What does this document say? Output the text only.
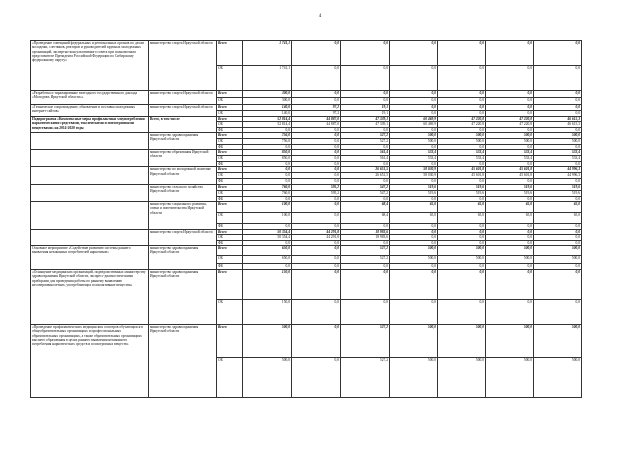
4
«Проведение совещаний федеральных и региональных органов по делам молодежи, слетчиков, ректоров и руководителей крупных молодежных организаций, экспертно-консультативного совета при полномочном представителе Президента Российской Федерации по Сибирскому федеральному округу»	министерство спорта Иркутской области	Всего	1 741,1	0,0	0,0	0,0	0,0	0,0	0,0
		ОБ	1 741,1	0,0	0,0	0,0	0,0	0,0	0,0
«Разработка и тиражирование ежегодного государственного доклада «Молодежь Иркутской области»»	министерство спорта Иркутской области	Всего	300,0	0,0	0,0	0,0	0,0	0,0	0,0
		ОБ	300,0	0,0	0,0	0,0	0,0	0,0	0,0
«Техническое сопровождение, обновление и поставка молодежных интернет-сайтов»	министерство спорта Иркутской области	Всего	140,0	97,2	19,1	0,0	0,0	0,0	0,0
		ОБ	140,0	97,2	19,1	0,0	0,0	0,0	0,0
Подпрограмма «Комплексные меры профилактики злоупотребления наркотическими средствами, токсическими и психотропными веществами» на 2014-2020 годы	Всего, в том числе	Всего	52 814,4	44 887,0	47 339,1	60 469,9	47 220,8	47 220,8	46 615,3
		ОБ	52 814,4	44 887,0	47 339,1	60 469,9	47 220,8	47 220,8	46 615,3
		ФБ	0,0	0,0	0,0	0,0	0,0	0,0	0,0
	министерство здравоохранения Иркутской области	Всего	756,0	0,0	527,2	500,0	500,0	500,0	500,0
		ОБ	756,0	0,0	527,2	500,0	500,0	500,0	500,0
		ФБ	0,0	0,0	0,0	0,0	0,0	0,0	0,0
	министерство образования Иркутской области	Всего	850,0	0,0	561,4	533,4	533,4	533,4	533,4
		ОБ	850,0	0,0	561,4	533,4	533,4	533,4	533,4
		ФБ	0,0	0,0	0,0	0,0	0,0	0,0	0,0
	министерство по молодежной политике Иркутской области	Всего	0,0	0,0	26 651,5	58 030,9	45 601,8	45 601,8	44 996,3
		ОБ	0,0	0,0	26 651,5	58 030,9	45 601,8	45 601,8	44 996,3
		ФБ	0,0	0,0	0,0	0,0	0,0	0,0	0,0
	министерство сельского хозяйства Иркутской области	Всего	760,0	595,2	547,2	519,6	519,6	519,6	519,6
		ОБ	760,0	595,2	547,2	519,6	519,6	519,6	519,6
		ФБ	0,0	0,0	0,0	0,0	0,0	0,0	0,0
	министерство социального развития, опеки и попечительства Иркутской области	Всего	100,0	0,0	68,4	65,0	65,0	65,0	65,0
		ОБ	100,0	0,0	68,4	65,0	65,0	65,0	65,0
		ФБ	0,0	0,0	0,0	0,0	0,0	0,0	0,0
	министерство спорта Иркутской области	Всего	50 354,4	44 291,8	18 983,6	0,0	0,0	0,0	0,0
		ОБ	50 354,4	44 291,8	18 983,6	0,0	0,0	0,0	0,0
		ФБ	0,0	0,0	0,0	0,0	0,0	0,0	0,0
Основное мероприятие «Содействие развитию системы раннего выявления незаконных потребителей наркотиков»	министерство здравоохранения Иркутской области	Всего	650,0	0,0	527,2	500,0	500,0	500,0	500,0
		ОБ	650,0	0,0	527,2	500,0	500,0	500,0	500,0
		ФБ	0,0	0,0	0,0	0,0	0,0	0,0	0,0
«Оснащение медицинских организаций, подведомственных министерству здравоохранения Иркутской области, экспресс-диагностическими приборами для проведения работы по раннему выявлению несовершеннолетних, употребляющих психоактивные вещества»	министерство здравоохранения Иркутской области	Всего	150,0	0,0	0,0	0,0	0,0	0,0	0,0
		ОБ	150,0	0,0	0,0	0,0	0,0	0,0	0,0
«Проведение профилактических медицинских осмотров обучающихся в общеобразовательных организациях и профессиональных образовательных организациях, а также образовательных организациях высшего образования в целях раннего выявления незаконного потребления наркотических средств и психотропных веществ»	министерство здравоохранения Иркутской области	Всего	500,0	0,0	527,2	500,0	500,0	500,0	500,0
		ОБ	500,0	0,0	527,2	500,0	500,0	500,0	500,0
